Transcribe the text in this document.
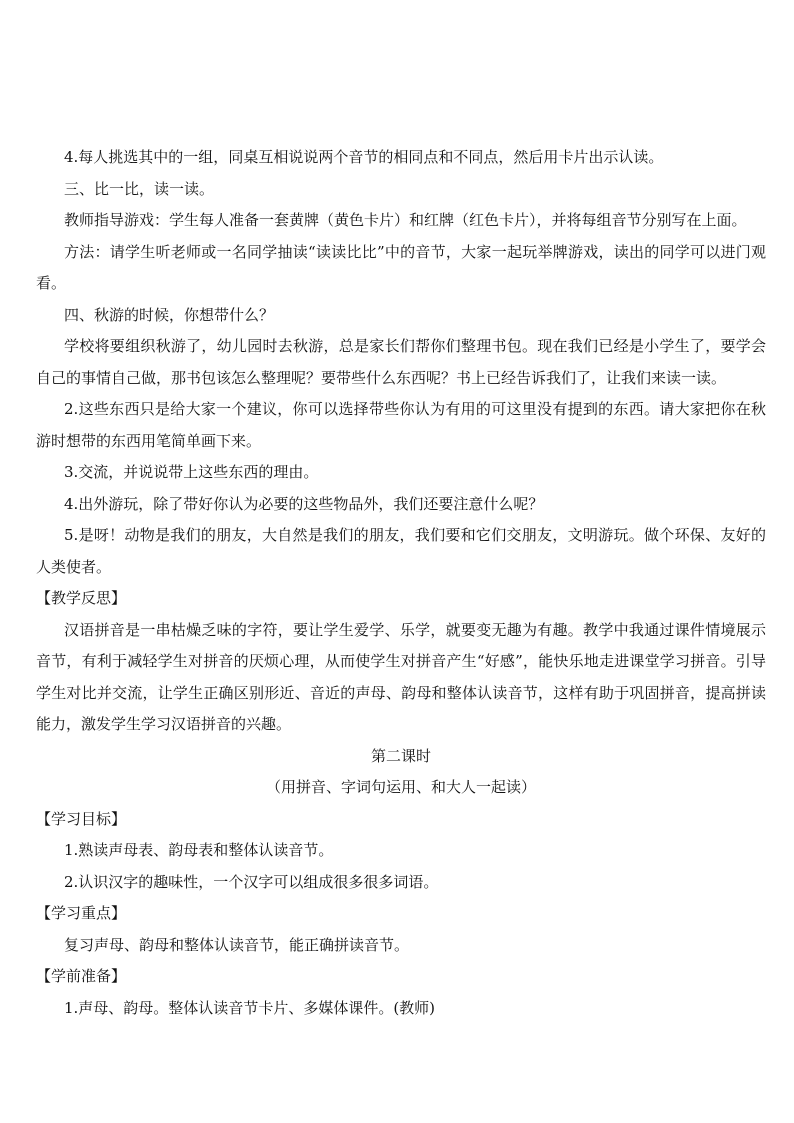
4.每人挑选其中的一组，同桌互相说说两个音节的相同点和不同点，然后用卡片出示认读。

三、比一比，读一读。

教师指导游戏：学生每人准备一套黄牌（黄色卡片）和红牌（红色卡片），并将每组音节分别写在上面。

方法：请学生听老师或一名同学抽读“读读比比”中的音节，大家一起玩举牌游戏，读出的同学可以进门观看。

四、秋游的时候，你想带什么？

学校将要组织秋游了，幼儿园时去秋游，总是家长们帮你们整理书包。现在我们已经是小学生了，要学会自己的事情自己做，那书包该怎么整理呢？要带些什么东西呢？书上已经告诉我们了，让我们来读一读。

2.这些东西只是给大家一个建议，你可以选择带些你认为有用的可这里没有提到的东西。请大家把你在秋游时想带的东西用笔简单画下来。

3.交流，并说说带上这些东西的理由。

4.出外游玩，除了带好你认为必要的这些物品外，我们还要注意什么呢？

5.是呀！动物是我们的朋友，大自然是我们的朋友，我们要和它们交朋友，文明游玩。做个环保、友好的人类使者。

【教学反思】

汉语拼音是一串枯燥乏味的字符，要让学生爱学、乐学，就要变无趣为有趣。教学中我通过课件情境展示音节，有利于减轻学生对拼音的厌烦心理，从而使学生对拼音产生“好感”，能快乐地走进课堂学习拼音。引导学生对比并交流，让学生正确区别形近、音近的声母、韵母和整体认读音节，这样有助于巩固拼音，提高拼读能力，激发学生学习汉语拼音的兴趣。

第二课时

（用拼音、字词句运用、和大人一起读）

【学习目标】

1.熟读声母表、韵母表和整体认读音节。

2.认识汉字的趣味性，一个汉字可以组成很多很多词语。

【学习重点】

复习声母、韵母和整体认读音节，能正确拼读音节。

【学前准备】

1.声母、韵母。整体认读音节卡片、多媒体课件。(教师)
